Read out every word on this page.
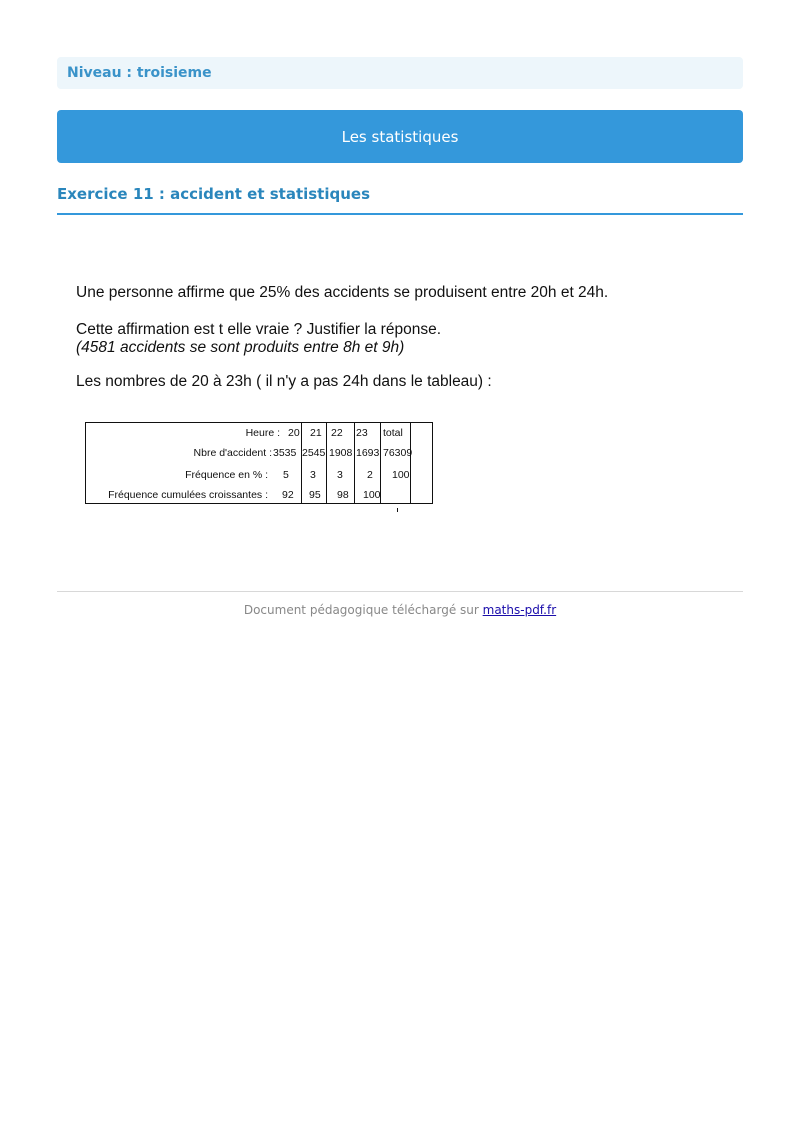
Niveau : troisieme
Les statistiques
Exercice 11 : accident et statistiques
Une personne affirme que 25% des accidents se produisent entre 20h et 24h.
Cette affirmation est t elle vraie ? Justifier la réponse.
(4581 accidents se sont produits entre 8h et 9h)
Les nombres de 20 à 23h ( il n'y a pas 24h dans le tableau) :
Heure : 20 21 22 23 total
Nbre d'accident : 3535 2545 1908 1693 76309
Fréquence en % : 5 3 3 2 100
Fréquence cumulées croissantes : 92 95 98 100
Document pédagogique téléchargé sur maths-pdf.fr
